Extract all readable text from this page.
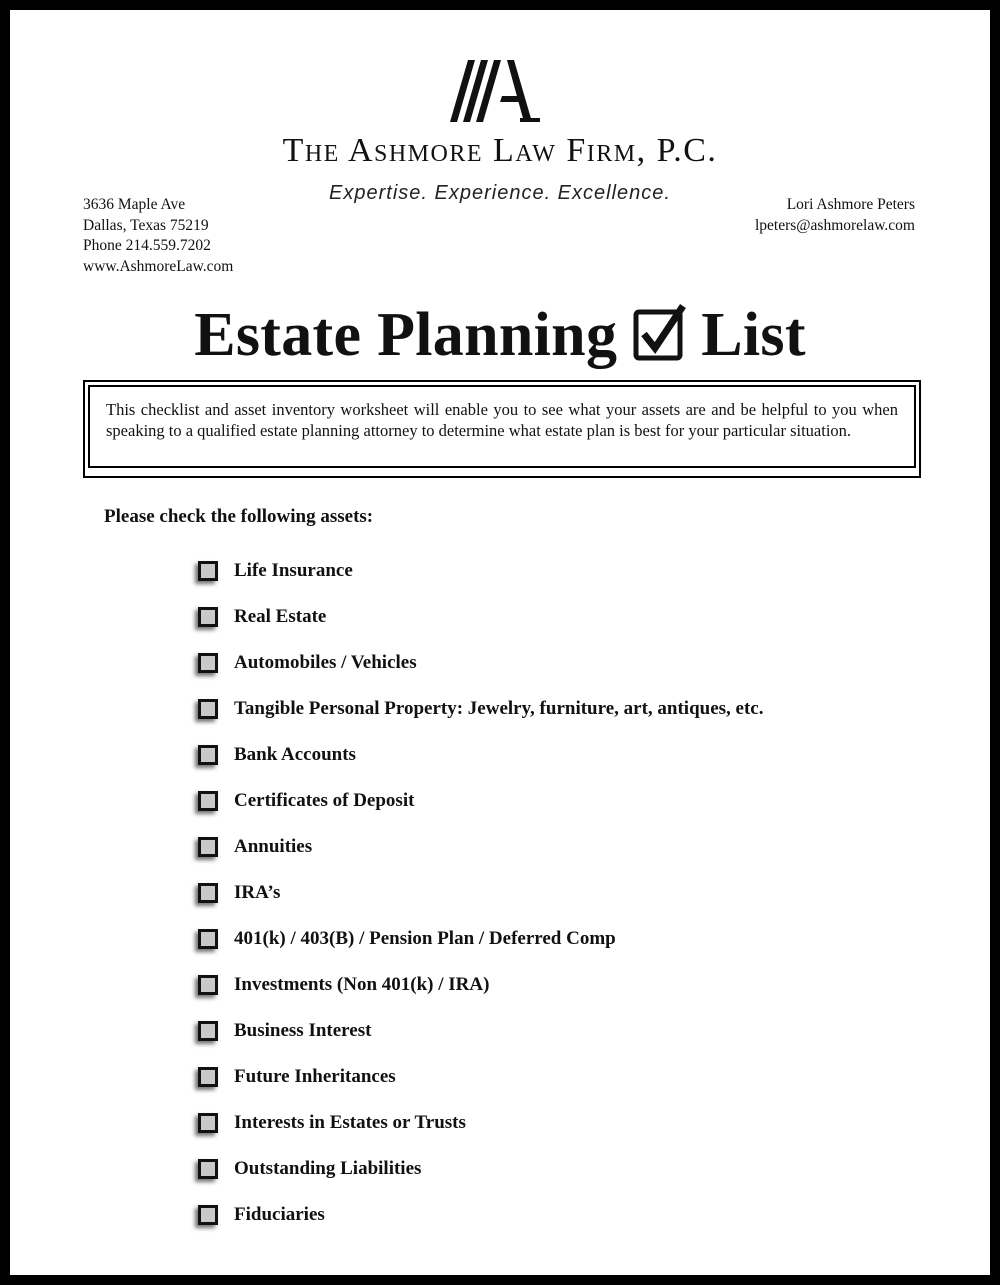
The Ashmore Law Firm, P.C.
Expertise. Experience. Excellence.
3636 Maple Ave
Dallas, Texas 75219
Phone 214.559.7202
www.AshmoreLaw.com
Lori Ashmore Peters
lpeters@ashmorelaw.com
Estate Planning List
This checklist and asset inventory worksheet will enable you to see what your assets are and be helpful to you when speaking to a qualified estate planning attorney to determine what estate plan is best for your particular situation.
Please check the following assets:
Life Insurance
Real Estate
Automobiles / Vehicles
Tangible Personal Property: Jewelry, furniture, art, antiques, etc.
Bank Accounts
Certificates of Deposit
Annuities
IRA’s
401(k) / 403(B) / Pension Plan / Deferred Comp
Investments (Non 401(k) / IRA)
Business Interest
Future Inheritances
Interests in Estates or Trusts
Outstanding Liabilities
Fiduciaries
